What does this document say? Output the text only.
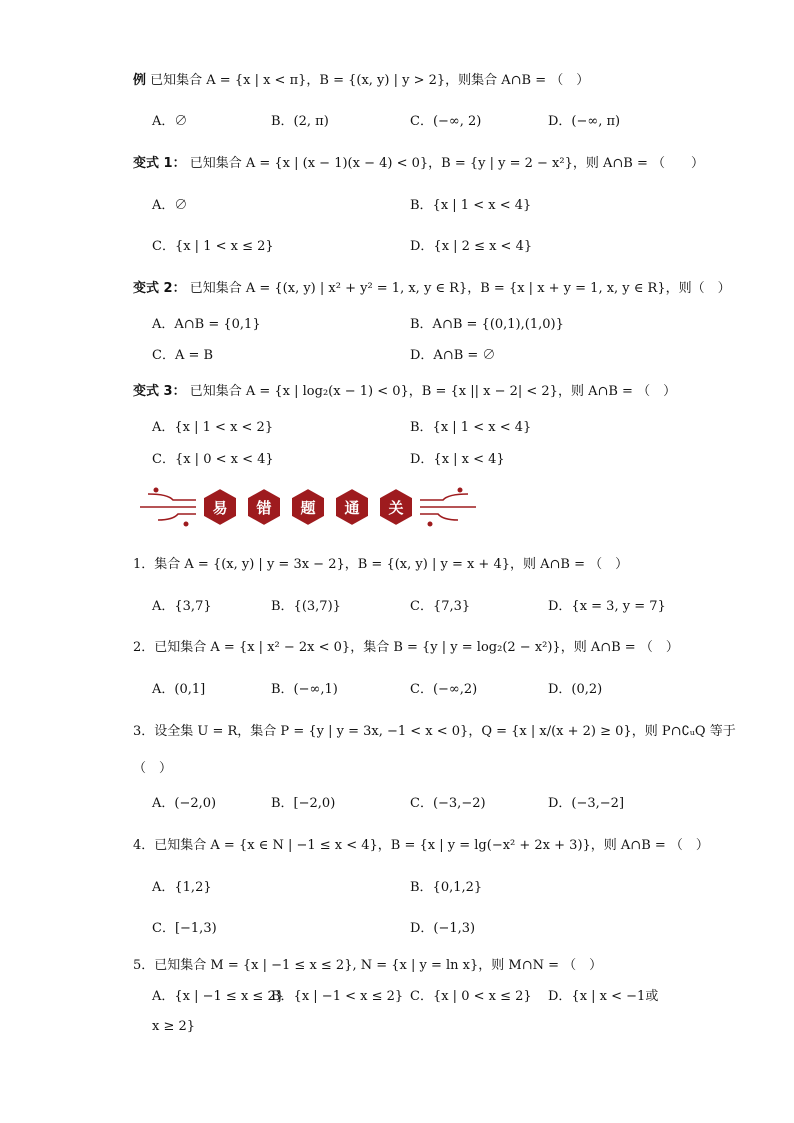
例 已知集合 A = {x | x < π}，B = {(x, y) | y > 2}，则集合 A∩B = （　）
A．∅	B．(2, π)	C．(−∞, 2)	D．(−∞, π)
变式 1： 已知集合 A = {x | (x − 1)(x − 4) < 0}，B = {y | y = 2 − x²}，则 A∩B = （　　）
A．∅	B．{x | 1 < x < 4}
C．{x | 1 < x ≤ 2}	D．{x | 2 ≤ x < 4}
变式 2： 已知集合 A = {(x, y) | x² + y² = 1, x, y ∈ R}，B = {x | x + y = 1, x, y ∈ R}，则（　）
A．A∩B = {0,1}	B．A∩B = {(0,1),(1,0)}
C．A = B	D．A∩B = ∅
变式 3： 已知集合 A = {x | log₂(x − 1) < 0}，B = {x || x − 2| < 2}，则 A∩B = （　）
A．{x | 1 < x < 2}	B．{x | 1 < x < 4}
C．{x | 0 < x < 4}	D．{x | x < 4}
易	错	题	通	关
1．集合 A = {(x, y) | y = 3x − 2}，B = {(x, y) | y = x + 4}，则 A∩B = （　）
A．{3,7}	B．{(3,7)}	C．{7,3}	D．{x = 3, y = 7}
2．已知集合 A = {x | x² − 2x < 0}，集合 B = {y | y = log₂(2 − x²)}，则 A∩B = （　）
A．(0,1]	B．(−∞,1)	C．(−∞,2)	D．(0,2)
3．设全集 U = R，集合 P = {y | y = 3x, −1 < x < 0}，Q = {x | x/(x + 2) ≥ 0}，则 P∩∁ᵤQ 等于
（　）
A．(−2,0)	B．[−2,0)	C．(−3,−2)	D．(−3,−2]
4．已知集合 A = {x ∈ N | −1 ≤ x < 4}，B = {x | y = lg(−x² + 2x + 3)}，则 A∩B = （　）
A．{1,2}	B．{0,1,2}
C．[−1,3)	D．(−1,3)
5．已知集合 M = {x | −1 ≤ x ≤ 2}, N = {x | y = ln x}，则 M∩N = （　）
A．{x | −1 ≤ x ≤ 2}
B．{x | −1 < x ≤ 2} C．{x | 0 < x ≤ 2} D．{x | x < −1或
x ≥ 2}
